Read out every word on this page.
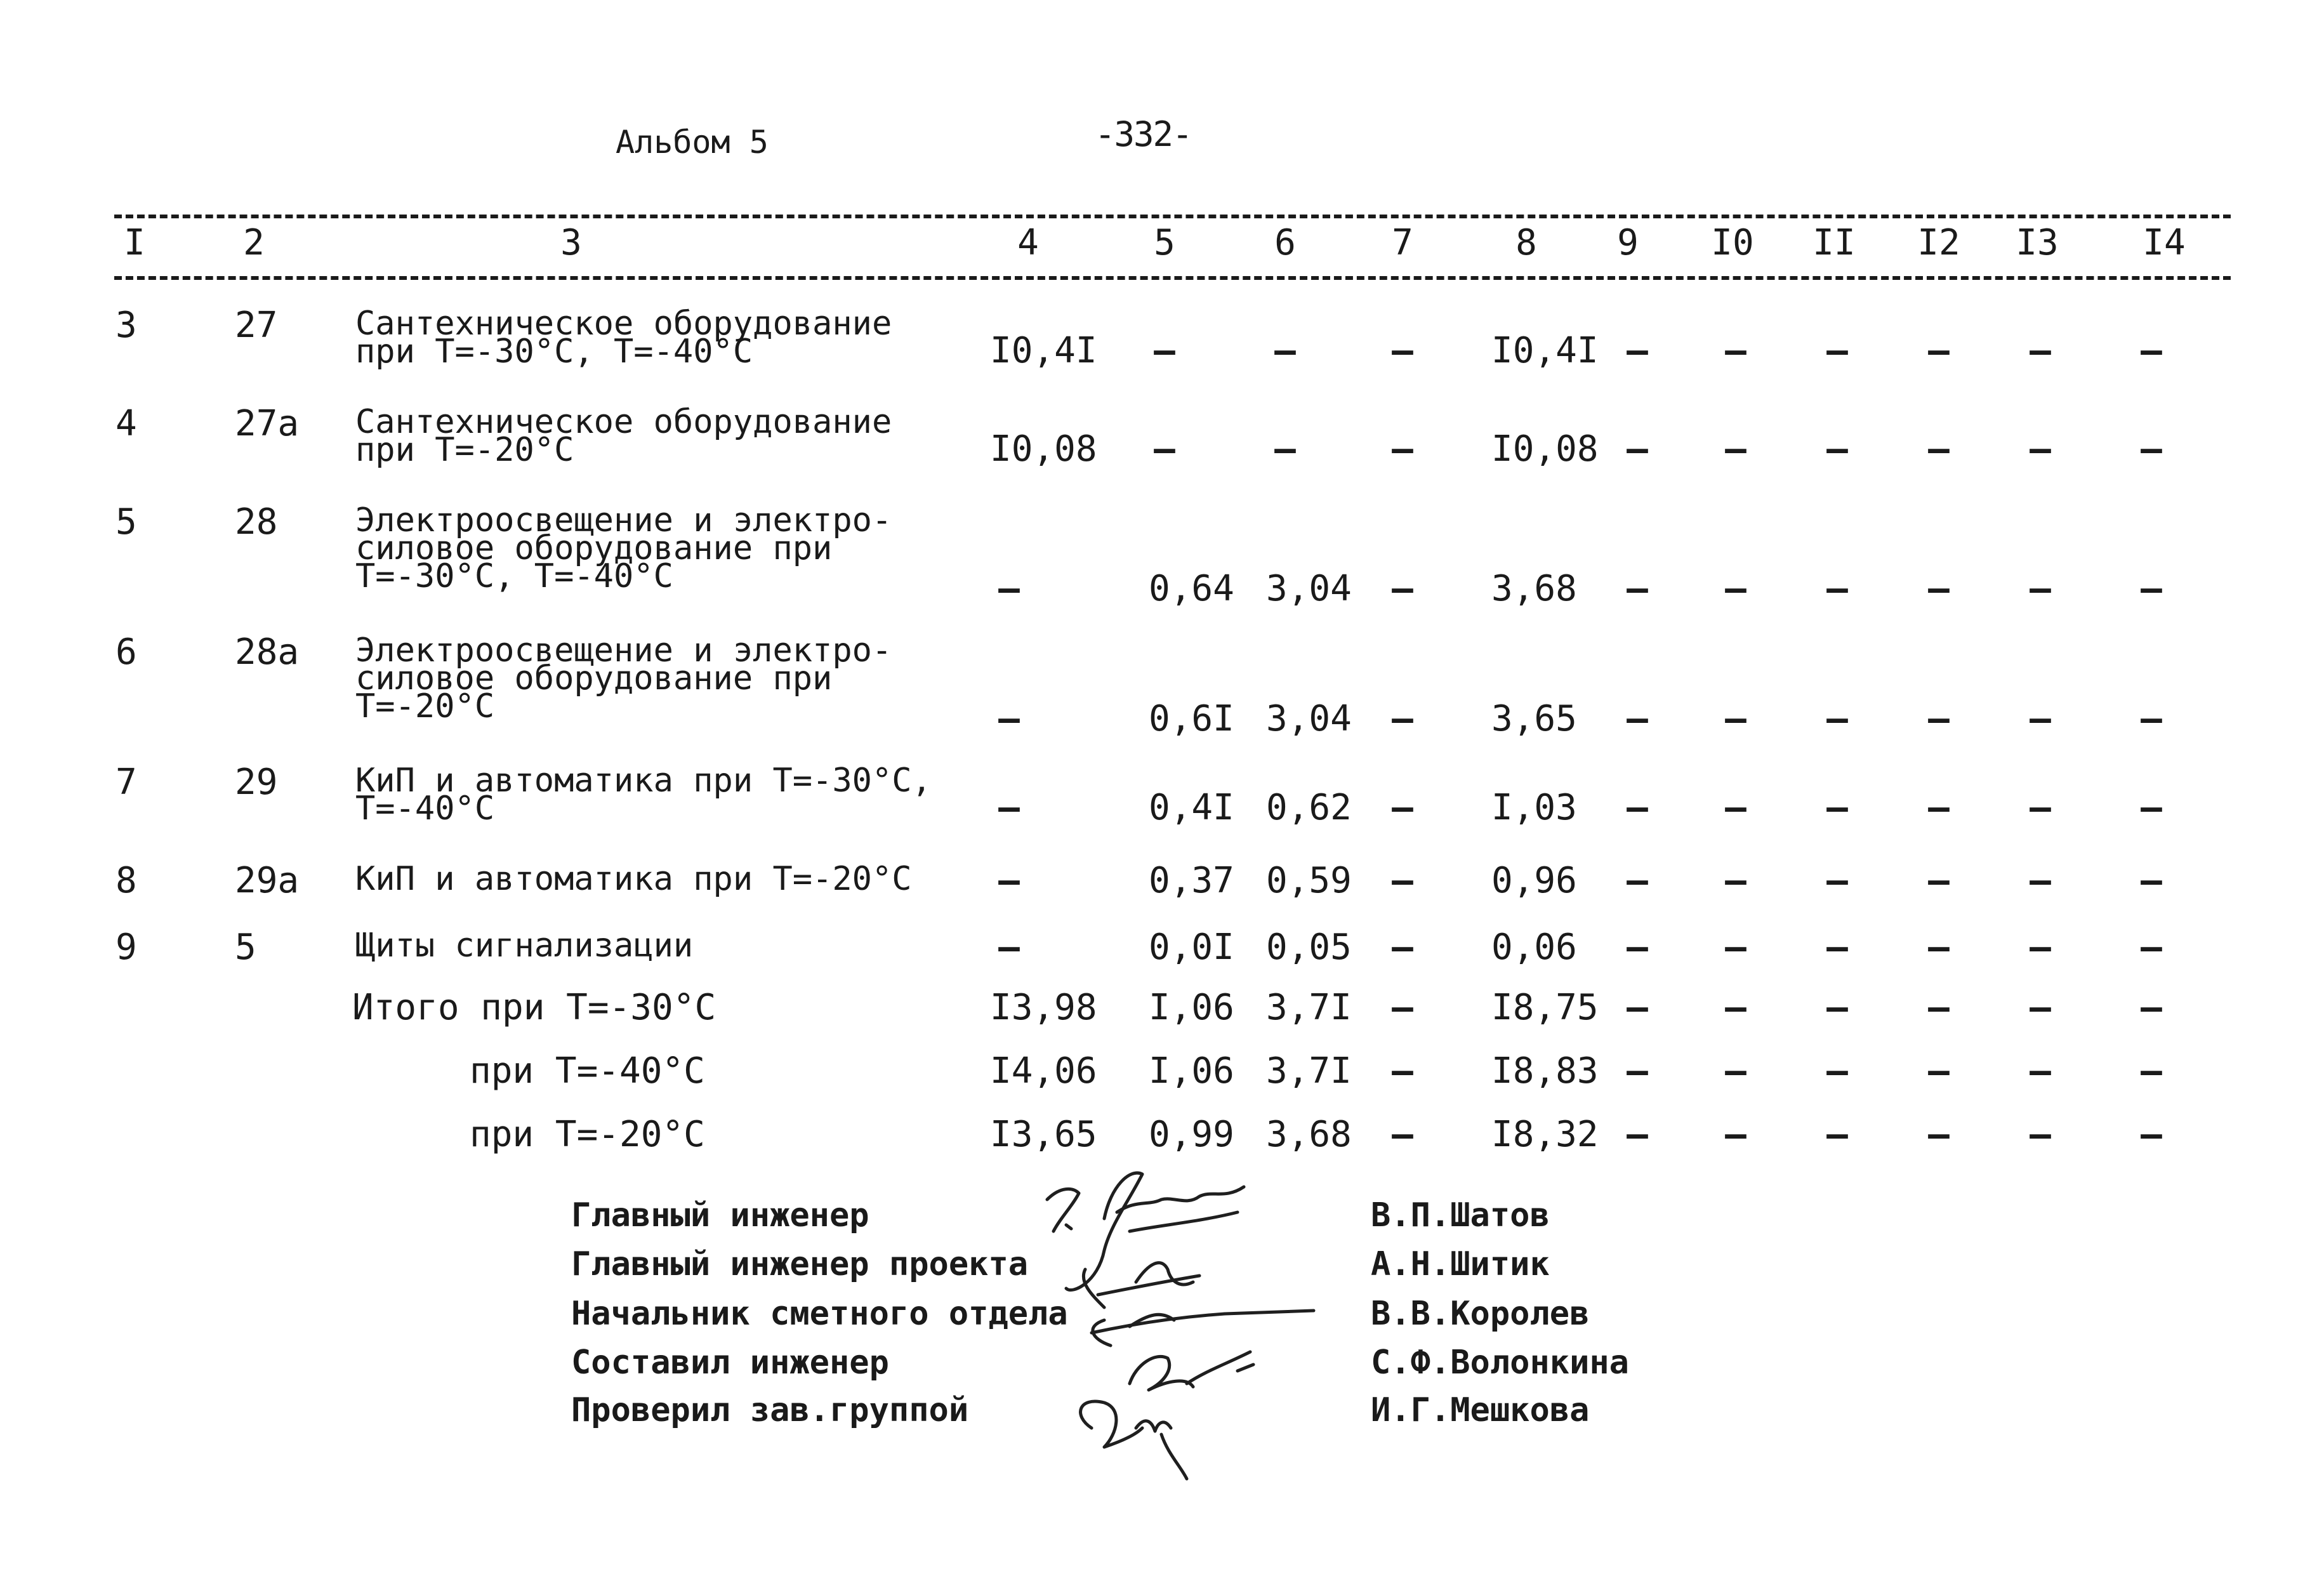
Альбом 5	-332-
I	2	3	4	5	6	7	8 9 I0 II I2 I3 I4
3	27 Сантехническое оборудование
при Т=-30°С, Т=-40°С	I0,4I –	–	– I0,4I – – – – –	–
4	27а Сантехническое оборудование
при Т=-20°С	I0,08 –	–	– I0,08 – – – – –	–
5	28 Электроосвещение и электро-
силовое оборудование при
Т=-30°С, Т=-40°С	–	0,64 3,04 – 3,68 – – – – –	–
6	28а Электроосвещение и электро-
силовое оборудование при
Т=-20°С	–	0,6I 3,04 – 3,65 – – – – –	–
7	29 КиП и автоматика при Т=-30°С,
Т=-40°С	–	0,4I 0,62 – I,03 – – – – –	–
8	29а КиП и автоматика при Т=-20°С –	0,37 0,59 – 0,96 – – – – –	–
9	5	Щиты сигнализации	–	0,0I 0,05 – 0,06 – – – – –	–
Итого при Т=-30°С	I3,98 I,06 3,7I – I8,75 – – – – –	–
при Т=-40°С	I4,06 I,06 3,7I – I8,83 – – – – –	–
при Т=-20°С	I3,65 0,99 3,68 – I8,32 – – – – –	–
Главный инженер	В.П.Шатов
Главный инженер проекта	А.Н.Шитик
Начальник сметного отдела	В.В.Королев
Составил инженер	С.Ф.Волонкина
Проверил зав.группой	И.Г.Мешкова
